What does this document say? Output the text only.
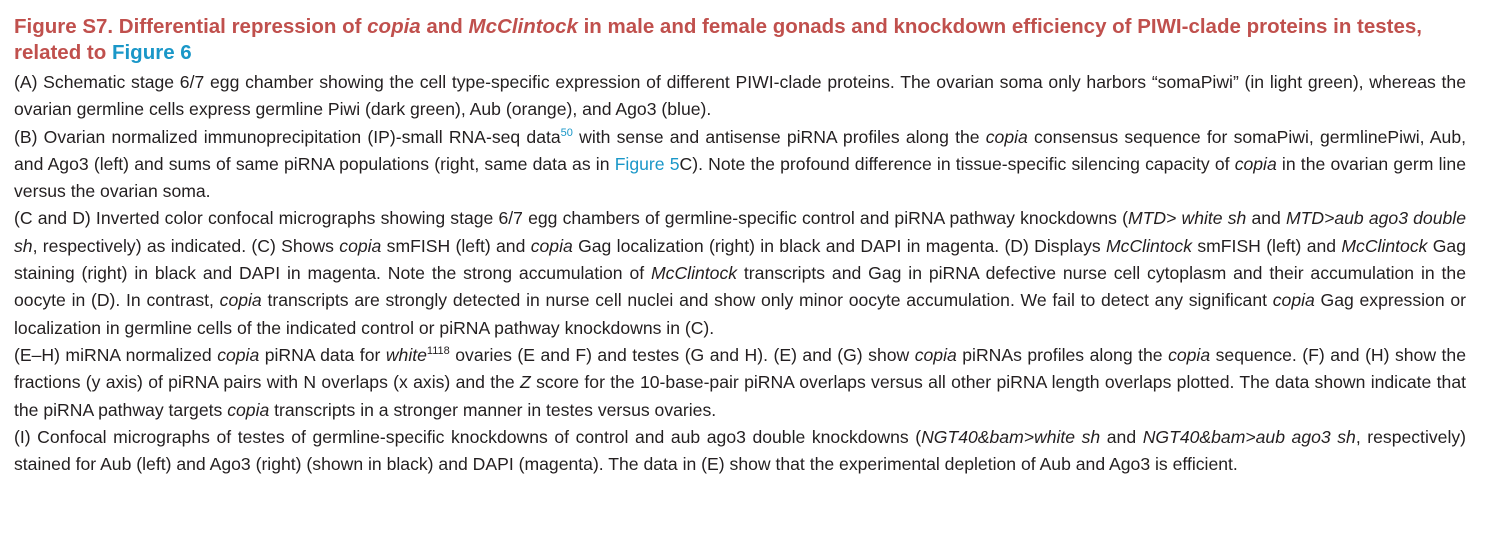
Figure S7. Differential repression of copia and McClintock in male and female gonads and knockdown efficiency of PIWI-clade proteins in testes, related to Figure 6

(A) Schematic stage 6/7 egg chamber showing the cell type-specific expression of different PIWI-clade proteins. The ovarian soma only harbors “somaPiwi” (in light green), whereas the ovarian germline cells express germline Piwi (dark green), Aub (orange), and Ago3 (blue).

(B) Ovarian normalized immunoprecipitation (IP)-small RNA-seq data$^{50}$ with sense and antisense piRNA profiles along the copia consensus sequence for somaPiwi, germlinePiwi, Aub, and Ago3 (left) and sums of same piRNA populations (right, same data as in Figure 5C). Note the profound difference in tissue-specific silencing capacity of copia in the ovarian germ line versus the ovarian soma.

(C and D) Inverted color confocal micrographs showing stage 6/7 egg chambers of germline-specific control and piRNA pathway knockdowns (MTD> white sh and MTD>aub ago3 double sh, respectively) as indicated. (C) Shows copia smFISH (left) and copia Gag localization (right) in black and DAPI in magenta. (D) Displays McClintock smFISH (left) and McClintock Gag staining (right) in black and DAPI in magenta. Note the strong accumulation of McClintock transcripts and Gag in piRNA defective nurse cell cytoplasm and their accumulation in the oocyte in (D). In contrast, copia transcripts are strongly detected in nurse cell nuclei and show only minor oocyte accumulation. We fail to detect any significant copia Gag expression or localization in germline cells of the indicated control or piRNA pathway knockdowns in (C).

(E–H) miRNA normalized copia piRNA data for white$^{1118}$ ovaries (E and F) and testes (G and H). (E) and (G) show copia piRNAs profiles along the copia sequence. (F) and (H) show the fractions (y axis) of piRNA pairs with N overlaps (x axis) and the Z score for the 10-base-pair piRNA overlaps versus all other piRNA length overlaps plotted. The data shown indicate that the piRNA pathway targets copia transcripts in a stronger manner in testes versus ovaries.

(I) Confocal micrographs of testes of germline-specific knockdowns of control and aub ago3 double knockdowns (NGT40&bam>white sh and NGT40&bam>aub ago3 sh, respectively) stained for Aub (left) and Ago3 (right) (shown in black) and DAPI (magenta). The data in (E) show that the experimental depletion of Aub and Ago3 is efficient.
